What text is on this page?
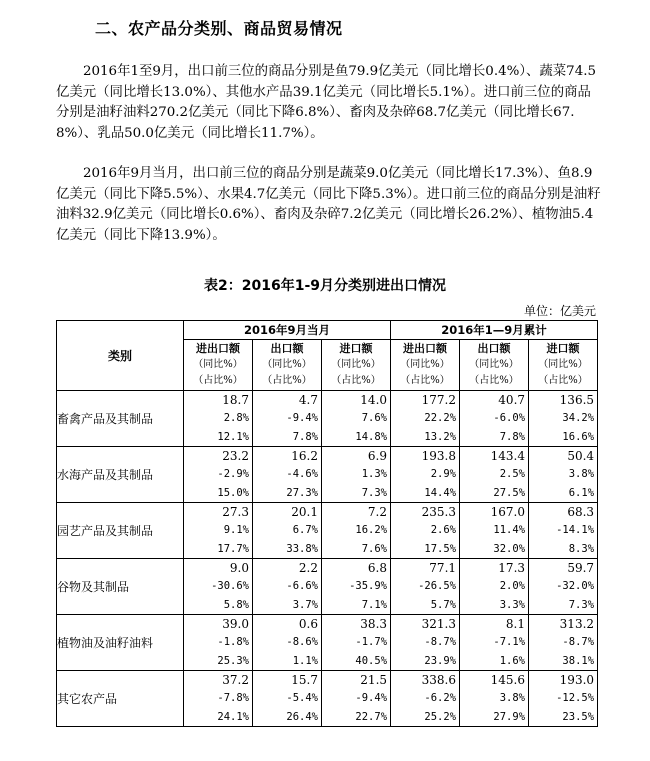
二、农产品分类别、商品贸易情况

2016年1至9月，出口前三位的商品分别是鱼79.9亿美元（同比增长0.4%）、蔬菜74.5亿美元（同比增长13.0%）、其他水产品39.1亿美元（同比增长5.1%）。进口前三位的商品分别是油籽油料270.2亿美元（同比下降6.8%）、畜肉及杂碎68.7亿美元（同比增长67.8%）、乳品50.0亿美元（同比增长11.7%）。

2016年9月当月，出口前三位的商品分别是蔬菜9.0亿美元（同比增长17.3%）、鱼8.9亿美元（同比下降5.5%）、水果4.7亿美元（同比下降5.3%）。进口前三位的商品分别是油籽油料32.9亿美元（同比增长0.6%）、畜肉及杂碎7.2亿美元（同比增长26.2%）、植物油5.4亿美元（同比下降13.9%）。

表2：2016年1-9月分类别进出口情况
单位：亿美元
类别	2016年9月当月			2016年1—9月累计		

	进出口额
（同比%）
（占比%）	出口额
（同比%）
（占比%）	进口额
（同比%）
（占比%）	进出口额
（同比%）
（占比%）	出口额
（同比%）
（占比%）	进口额
（同比%）
（占比%）

畜禽产品及其制品	18.7
2.8%
12.1%	4.7
-9.4%
7.8%	14.0
7.6%
14.8%	177.2
22.2%
13.2%	40.7
-6.0%
7.8%	136.5
34.2%
16.6%

水海产品及其制品	23.2
-2.9%
15.0%	16.2
-4.6%
27.3%	6.9
1.3%
7.3%	193.8
2.9%
14.4%	143.4
2.5%
27.5%	50.4
3.8%
6.1%

园艺产品及其制品	27.3
9.1%
17.7%	20.1
6.7%
33.8%	7.2
16.2%
7.6%	235.3
2.6%
17.5%	167.0
11.4%
32.0%	68.3
-14.1%
8.3%

谷物及其制品	9.0
-30.6%
5.8%	2.2
-6.6%
3.7%	6.8
-35.9%
7.1%	77.1
-26.5%
5.7%	17.3
2.0%
3.3%	59.7
-32.0%
7.3%

植物油及油籽油料	39.0
-1.8%
25.3%	0.6
-8.6%
1.1%	38.3
-1.7%
40.5%	321.3
-8.7%
23.9%	8.1
-7.1%
1.6%	313.2
-8.7%
38.1%

其它农产品	37.2
-7.8%
24.1%	15.7
-5.4%
26.4%	21.5
-9.4%
22.7%	338.6
-6.2%
25.2%	145.6
3.8%
27.9%	193.0
-12.5%
23.5%
